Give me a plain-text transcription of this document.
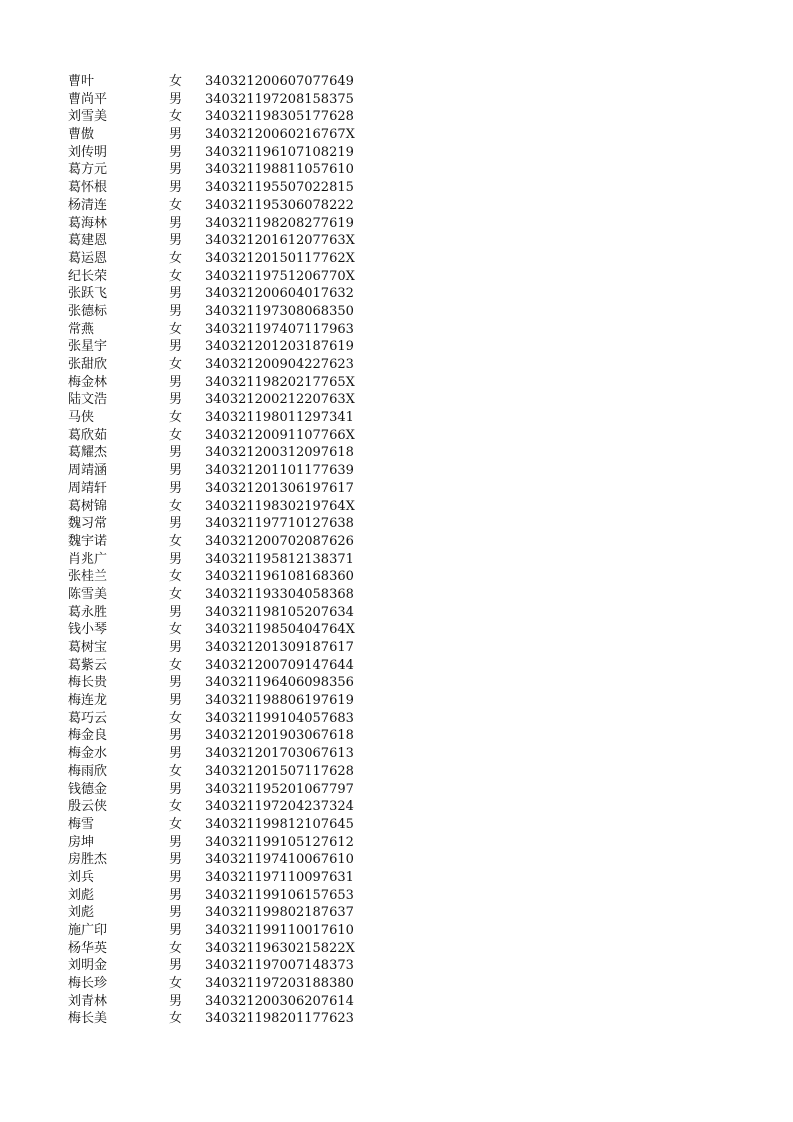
曹叶	女 340321200607077649
曹尚平	男 340321197208158375
刘雪美	女 340321198305177628
曹傲	男 34032120060216767X
刘传明	男 340321196107108219
葛方元	男 340321198811057610
葛怀根	男 340321195507022815
杨清连	女 340321195306078222
葛海林	男 340321198208277619
葛建恩	男 34032120161207763X
葛运恩	女 34032120150117762X
纪长荣	女 34032119751206770X
张跃飞	男 340321200604017632
张德标	男 340321197308068350
常燕	女 340321197407117963
张星宇	男 340321201203187619
张甜欣	女 340321200904227623
梅金林	男 34032119820217765X
陆文浩	男 34032120021220763X
马侠	女 340321198011297341
葛欣茹	女 34032120091107766X
葛耀杰	男 340321200312097618
周靖涵	男 340321201101177639
周靖轩	男 340321201306197617
葛树锦	女 34032119830219764X
魏习常	男 340321197710127638
魏宇诺	女 340321200702087626
肖兆广	男 340321195812138371
张桂兰	女 340321196108168360
陈雪美	女 340321193304058368
葛永胜	男 340321198105207634
钱小琴	女 34032119850404764X
葛树宝	男 340321201309187617
葛紫云	女 340321200709147644
梅长贵	男 340321196406098356
梅连龙	男 340321198806197619
葛巧云	女 340321199104057683
梅金良	男 340321201903067618
梅金水	男 340321201703067613
梅雨欣	女 340321201507117628
钱德金	男 340321195201067797
殷云侠	女 340321197204237324
梅雪	女 340321199812107645
房坤	男 340321199105127612
房胜杰	男 340321197410067610
刘兵	男 340321197110097631
刘彪	男 340321199106157653
刘彪	男 340321199802187637
施广印	男 340321199110017610
杨华英	女 34032119630215822X
刘明金	男 340321197007148373
梅长珍	女 340321197203188380
刘青林	男 340321200306207614
梅长美	女 340321198201177623
